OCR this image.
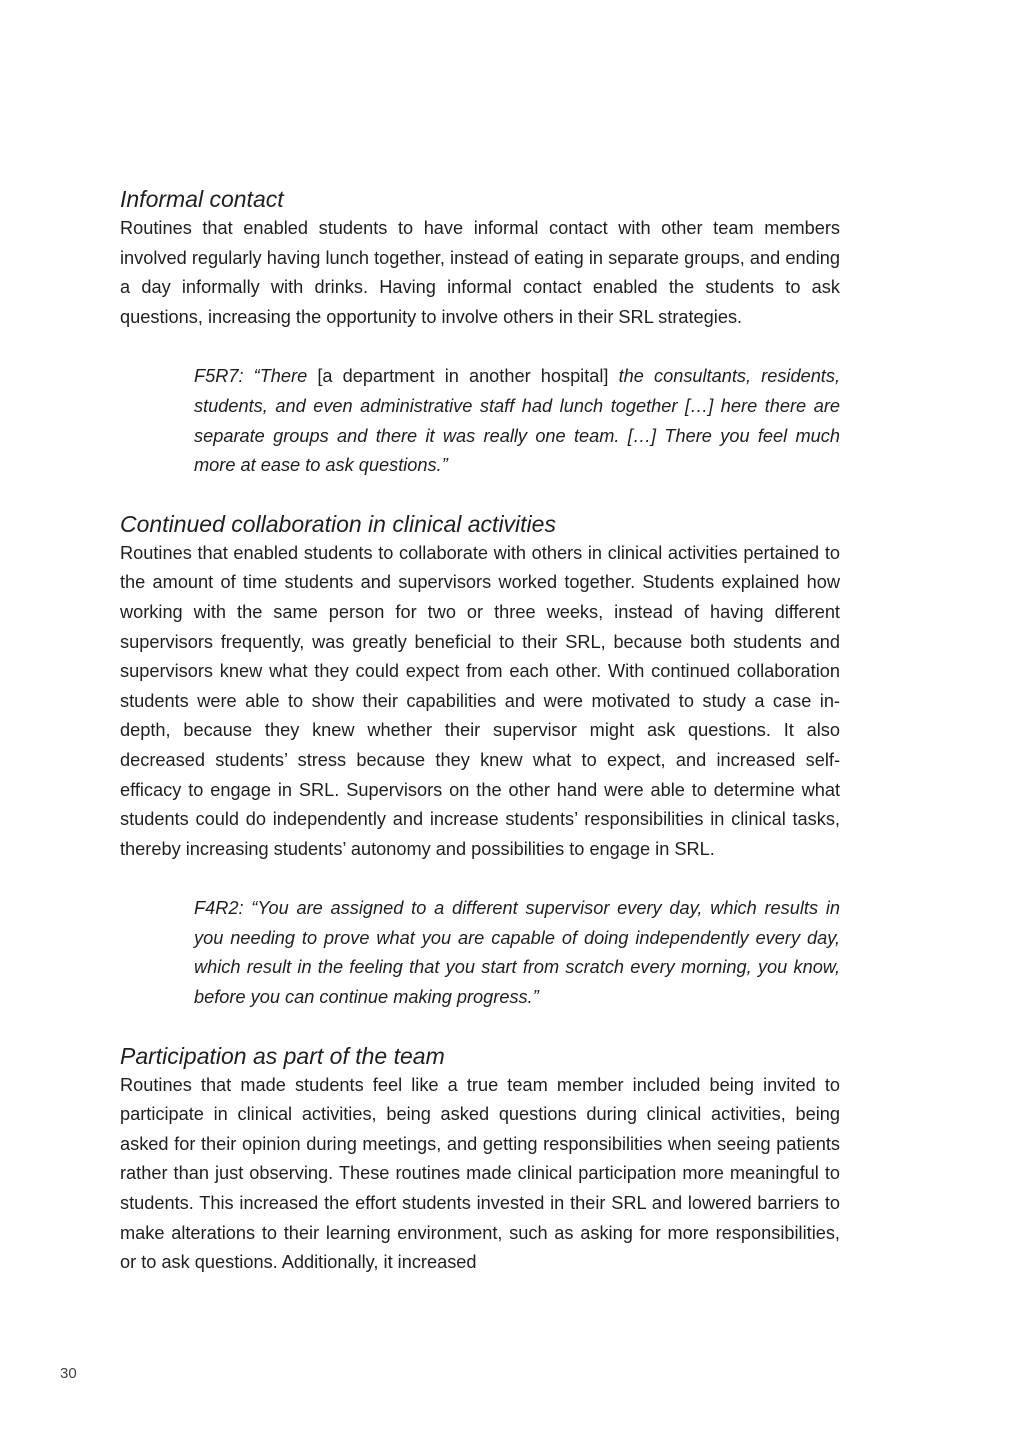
Informal contact

Routines that enabled students to have informal contact with other team members involved regularly having lunch together, instead of eating in separate groups, and ending a day informally with drinks. Having informal contact enabled the students to ask questions, increasing the opportunity to involve others in their SRL strategies.

F5R7: “There [a department in another hospital] the consultants, residents, students, and even administrative staff had lunch together […] here there are separate groups and there it was really one team. […] There you feel much more at ease to ask questions.”

Continued collaboration in clinical activities

Routines that enabled students to collaborate with others in clinical activities pertained to the amount of time students and supervisors worked together. Students explained how working with the same person for two or three weeks, instead of having different supervisors frequently, was greatly beneficial to their SRL, because both students and supervisors knew what they could expect from each other. With continued collaboration students were able to show their capabilities and were motivated to study a case in-depth, because they knew whether their supervisor might ask questions. It also decreased students’ stress because they knew what to expect, and increased self-efficacy to engage in SRL. Supervisors on the other hand were able to determine what students could do independently and increase students’ responsibilities in clinical tasks, thereby increasing students’ autonomy and possibilities to engage in SRL.

F4R2: “You are assigned to a different supervisor every day, which results in you needing to prove what you are capable of doing independently every day, which result in the feeling that you start from scratch every morning, you know, before you can continue making progress.”

Participation as part of the team

Routines that made students feel like a true team member included being invited to participate in clinical activities, being asked questions during clinical activities, being asked for their opinion during meetings, and getting responsibilities when seeing patients rather than just observing. These routines made clinical participation more meaningful to students. This increased the effort students invested in their SRL and lowered barriers to make alterations to their learning environment, such as asking for more responsibilities, or to ask questions. Additionally, it increased

30
